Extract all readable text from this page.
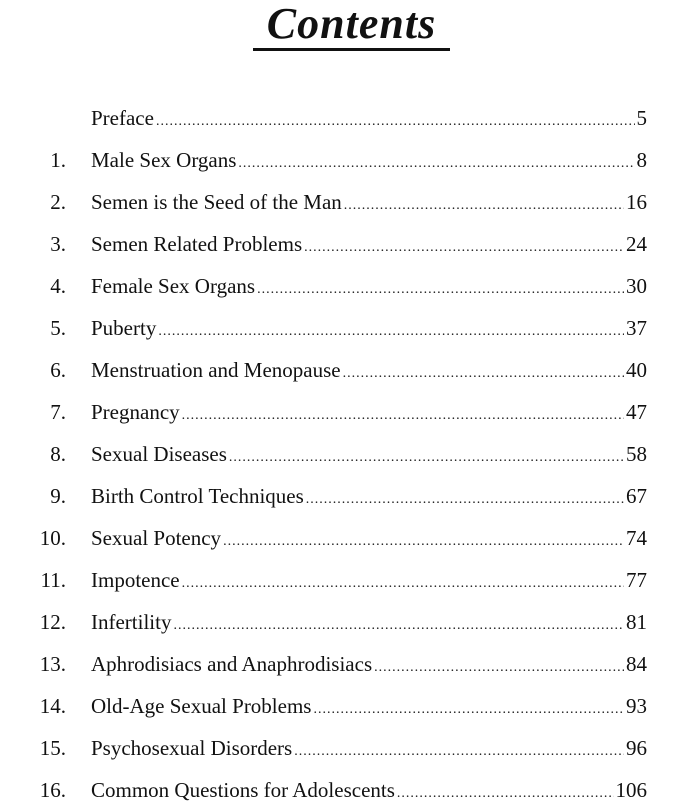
Contents
Preface .....	5
1. Male Sex Organs .....	8
2. Semen is the Seed of the Man .....	16
3. Semen Related Problems .....	24
4. Female Sex Organs .....	30
5. Puberty .....	37
6. Menstruation and Menopause .....	40
7. Pregnancy .....	47
8. Sexual Diseases .....	58
9. Birth Control Techniques .....	67
10. Sexual Potency .....	74
11. Impotence .....	77
12. Infertility .....	81
13. Aphrodisiacs and Anaphrodisiacs .....	84
14. Old-Age Sexual Problems .....	93
15. Psychosexual Disorders .....	96
16. Common Questions for Adolescents .....	106
